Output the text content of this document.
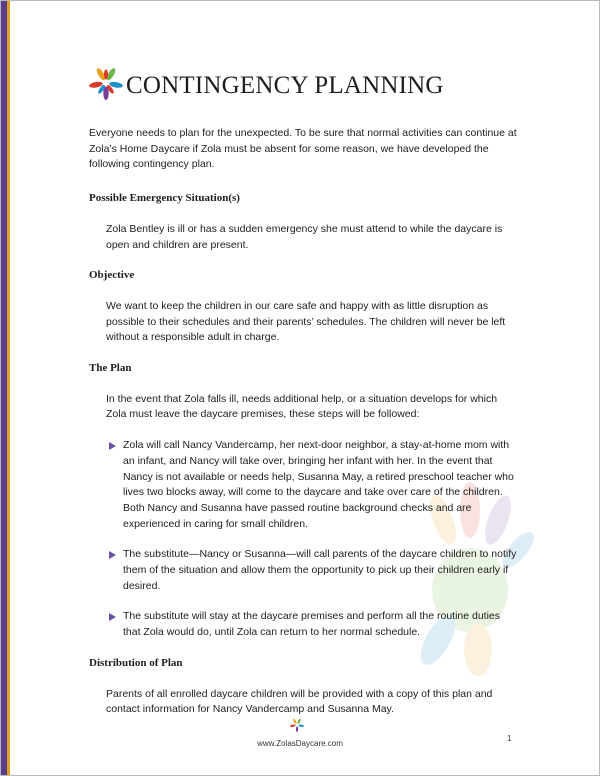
CONTINGENCY PLANNING

Everyone needs to plan for the unexpected. To be sure that normal activities can continue at Zola’s Home Daycare if Zola must be absent for some reason, we have developed the following contingency plan.

Possible Emergency Situation(s)

Zola Bentley is ill or has a sudden emergency she must attend to while the daycare is open and children are present.

Objective

We want to keep the children in our care safe and happy with as little disruption as possible to their schedules and their parents’ schedules. The children will never be left without a responsible adult in charge.

The Plan

In the event that Zola falls ill, needs additional help, or a situation develops for which Zola must leave the daycare premises, these steps will be followed:

Zola will call Nancy Vandercamp, her next-door neighbor, a stay-at-home mom with an infant, and Nancy will take over, bringing her infant with her. In the event that Nancy is not available or needs help, Susanna May, a retired preschool teacher who lives two blocks away, will come to the daycare and take over care of the children. Both Nancy and Susanna have passed routine background checks and are experienced in caring for small children.
The substitute—Nancy or Susanna—will call parents of the daycare children to notify them of the situation and allow them the opportunity to pick up their children early if desired.
The substitute will stay at the daycare premises and perform all the routine duties that Zola would do, until Zola can return to her normal schedule.

Distribution of Plan

Parents of all enrolled daycare children will be provided with a copy of this plan and contact information for Nancy Vandercamp and Susanna May.

www.ZolasDaycare.com
1
